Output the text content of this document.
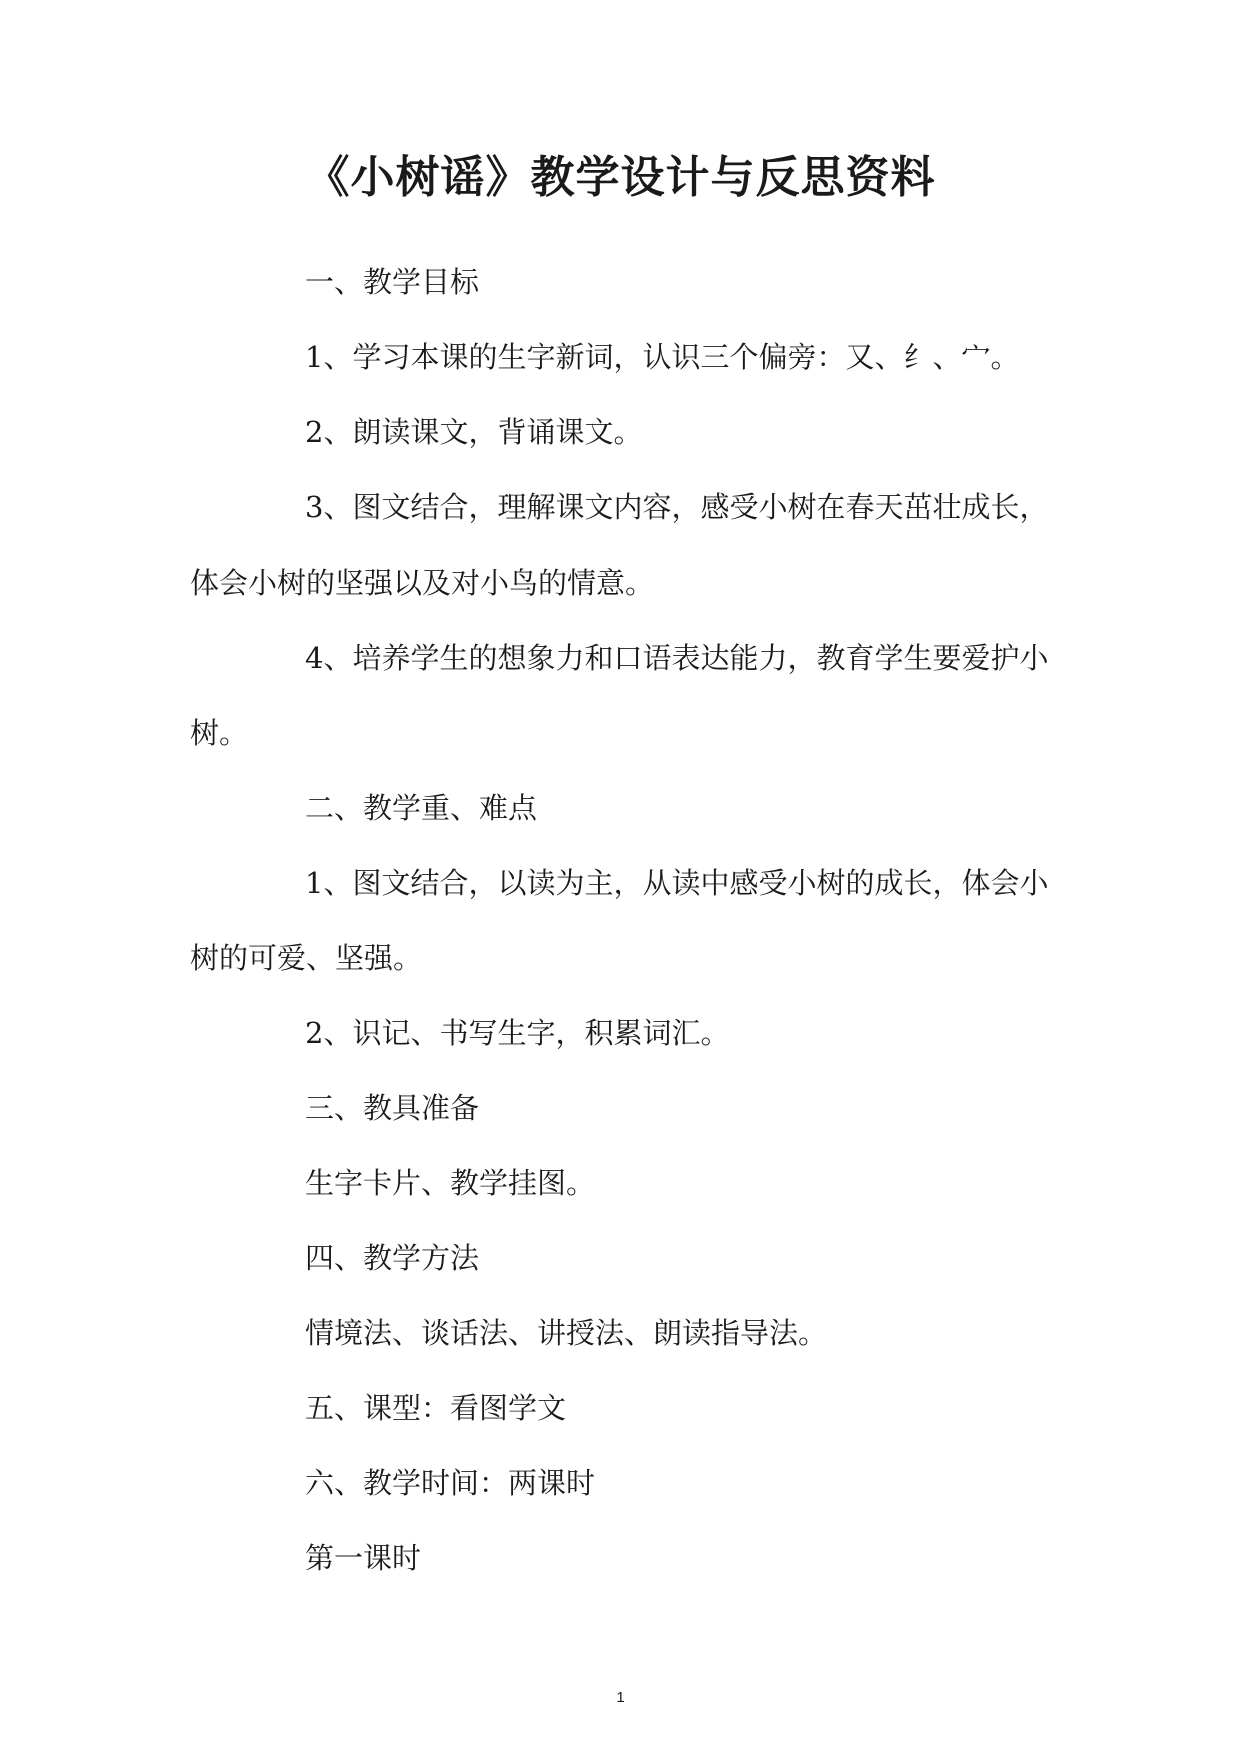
《小树谣》教学设计与反思资料
一、教学目标
1、学习本课的生字新词，认识三个偏旁：又、纟、宀。
2、朗读课文，背诵课文。
3、图文结合，理解课文内容，感受小树在春天茁壮成长，
体会小树的坚强以及对小鸟的情意。
4、培养学生的想象力和口语表达能力，教育学生要爱护小
树。
二、教学重、难点
1、图文结合，以读为主，从读中感受小树的成长，体会小
树的可爱、坚强。
2、识记、书写生字，积累词汇。
三、教具准备
生字卡片、教学挂图。
四、教学方法
情境法、谈话法、讲授法、朗读指导法。
五、课型：看图学文
六、教学时间：两课时
第一课时
1
